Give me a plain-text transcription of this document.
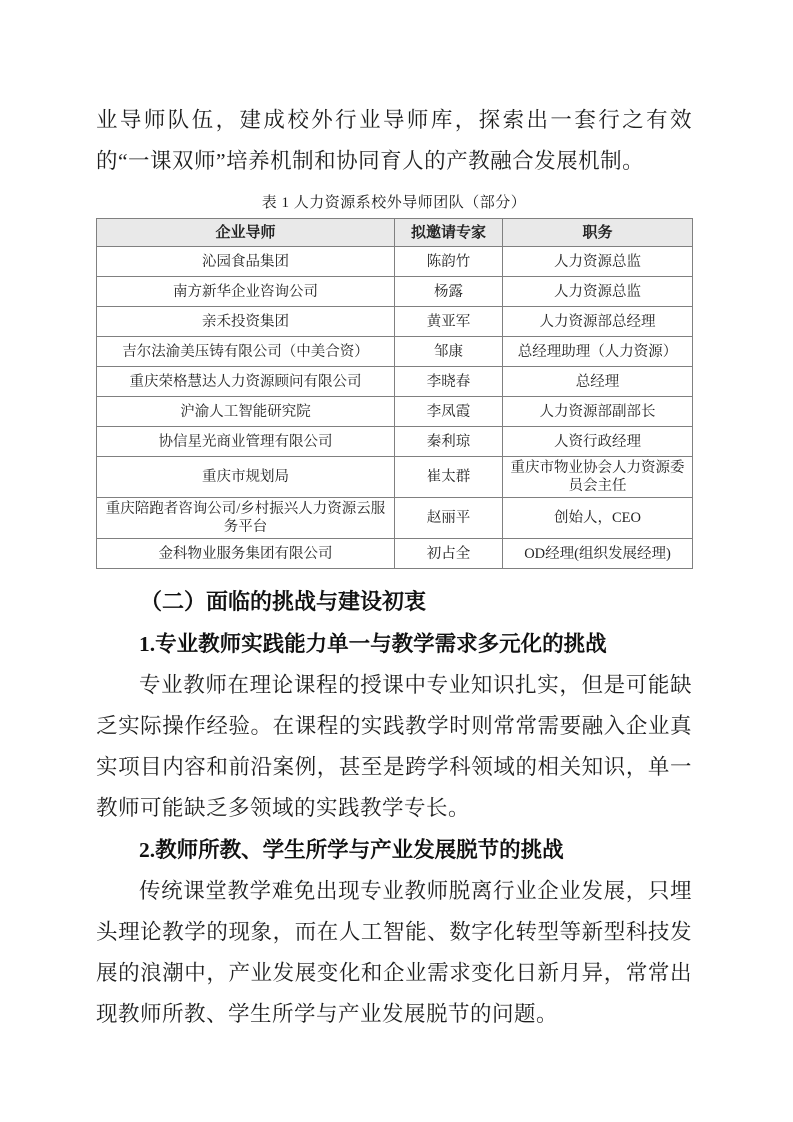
业导师队伍，建成校外行业导师库，探索出一套行之有效的“一课双师”培养机制和协同育人的产教融合发展机制。

表 1 人力资源系校外导师团队（部分）
企业导师	拟邀请专家	职务
沁园食品集团	陈韵竹	人力资源总监
南方新华企业咨询公司	杨露	人力资源总监
亲禾投资集团	黄亚军	人力资源部总经理
吉尔法渝美压铸有限公司（中美合资）	邹康	总经理助理（人力资源）
重庆荣格慧达人力资源顾问有限公司	李晓春	总经理
沪渝人工智能研究院	李凤霞	人力资源部副部长
协信星光商业管理有限公司	秦利琼	人资行政经理
重庆市规划局	崔太群	重庆市物业协会人力资源委员会主任
重庆陪跑者咨询公司/乡村振兴人力资源云服务平台	赵丽平	创始人，CEO
金科物业服务集团有限公司	初占全	OD经理(组织发展经理)
（二）面临的挑战与建设初衷
1.专业教师实践能力单一与教学需求多元化的挑战

专业教师在理论课程的授课中专业知识扎实，但是可能缺乏实际操作经验。在课程的实践教学时则常常需要融入企业真实项目内容和前沿案例，甚至是跨学科领域的相关知识，单一教师可能缺乏多领域的实践教学专长。

2.教师所教、学生所学与产业发展脱节的挑战

传统课堂教学难免出现专业教师脱离行业企业发展，只埋头理论教学的现象，而在人工智能、数字化转型等新型科技发展的浪潮中，产业发展变化和企业需求变化日新月异，常常出现教师所教、学生所学与产业发展脱节的问题。
